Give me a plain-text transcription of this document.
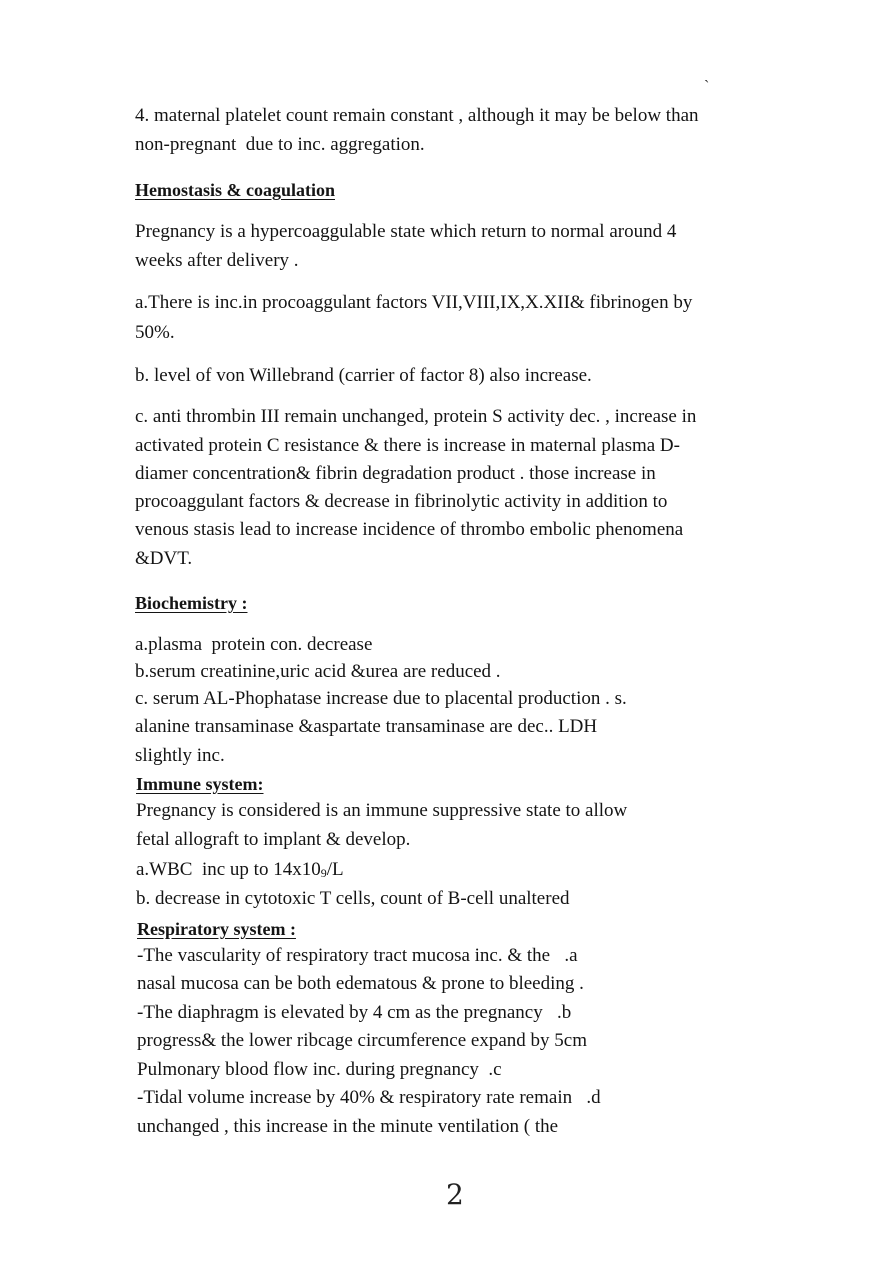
`
4. maternal platelet count remain constant , although it may be below than
non-pregnant  due to inc. aggregation.
Hemostasis & coagulation
Pregnancy is a hypercoaggulable state which return to normal around 4
weeks after delivery .
a.There is inc.in procoaggulant factors VII,VIII,IX,X.XII& fibrinogen by
50%.
b. level of von Willebrand (carrier of factor 8) also increase.
c. anti thrombin III remain unchanged, protein S activity dec. , increase in
activated protein C resistance & there is increase in maternal plasma D-
diamer concentration& fibrin degradation product . those increase in
procoaggulant factors & decrease in fibrinolytic activity in addition to
venous stasis lead to increase incidence of thrombo embolic phenomena
&DVT.
Biochemistry :
a.plasma  protein con. decrease
b.serum creatinine,uric acid &urea are reduced .
c. serum AL-Phophatase increase due to placental production . s.
alanine transaminase &aspartate transaminase are dec.. LDH
slightly inc.
Immune system:
Pregnancy is considered is an immune suppressive state to allow
fetal allograft to implant & develop.
a.WBC  inc up to $14x10_9/L$
b. decrease in cytotoxic T cells, count of B-cell unaltered
Respiratory system :
-The vascularity of respiratory tract mucosa inc. & the   .a
nasal mucosa can be both edematous & prone to bleeding .
-The diaphragm is elevated by 4 cm as the pregnancy   .b
progress& the lower ribcage circumference expand by 5cm
Pulmonary blood flow inc. during pregnancy  .c
-Tidal volume increase by 40% & respiratory rate remain   .d
unchanged , this increase in the minute ventilation ( the
2
